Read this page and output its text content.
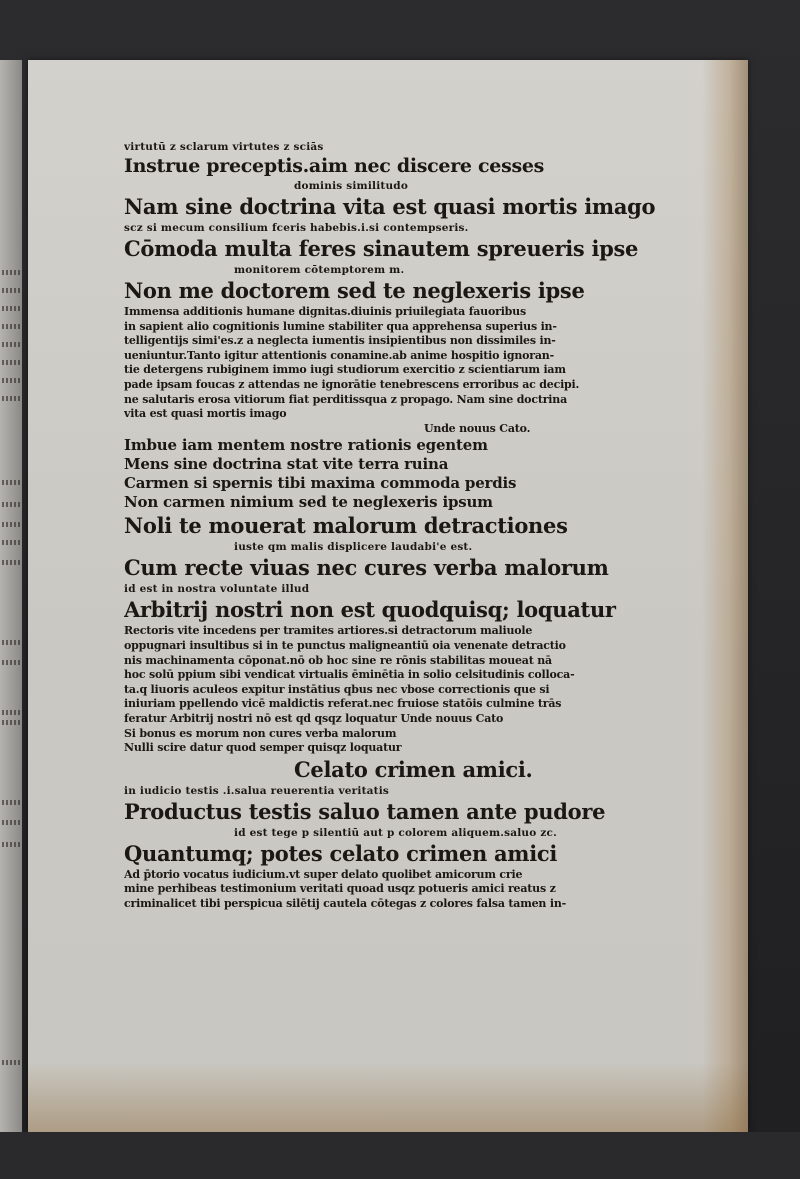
virtutū z sclarum virtutes z sciās
Instrue preceptis.aim nec discere cesses
dominis similitudo
Nam sine doctrina vita est quasi mortis imago
scz si mecum consilium fceris habebis.i.si contempseris.
Cōmoda multa feres sinautem spreueris ipse
monitorem cōtemptorem m.
Non me doctorem sed te neglexeris ipse
Immensa additionis humane dignitas.diuinis priuilegiata fauoribus
in sapient alio cognitionis lumine stabiliter qua apprehensa superius in-
telligentijs simi'es.z a neglecta iumentis insipientibus non dissimiles in-
ueniuntur.Tanto igitur attentionis conamine.ab anime hospitio ignoran-
tie detergens rubiginem immo iugi studiorum exercitio z scientiarum iam
pade ipsam foucas z attendas ne ignorātie tenebrescens erroribus ac decipi.
ne salutaris erosa vitiorum fiat perditissqua z propago. Nam sine doctrina
vita est quasi mortis imago
Unde nouus Cato.
Imbue iam mentem nostre rationis egentem
Mens sine doctrina stat vite terra ruina
Carmen si spernis tibi maxima commoda perdis
Non carmen nimium sed te neglexeris ipsum
Noli te mouerat malorum detractiones
iuste qm malis displicere laudabi'e est.
Cum recte viuas nec cures verba malorum
id est in nostra voluntate illud
Arbitrij nostri non est quodquisq; loquatur
Rectoris vite incedens per tramites artiores.si detractorum maliuole
oppugnari insultibus si in te punctus maligneantiū oia venenate detractio
nis machinamenta cōponat.nō ob hoc sine re rōnis stabilitas moueat nā
hoc solū ppium sibi vendicat virtualis ēminētia in solio celsitudinis colloca-
ta.q liuoris aculeos expitur instātius qbus nec vbose correctionis que si
iniuriam ppellendo vicē maldictis referat.nec fruiose statōis culmine trās
feratur Arbitrij nostri nō est qd qsqz loquatur Unde nouus Cato
Si bonus es morum non cures verba malorum
Nulli scire datur quod semper quisqz loquatur
Celato crimen amici.
in iudicio testis .i.salua reuerentia veritatis
Productus testis saluo tamen ante pudore
id est tege p silentiū aut p colorem aliquem.saluo zc.
Quantumq; potes celato crimen amici
Ad p̄torio vocatus iudicium.vt super delato quolibet amicorum crie
mine perhibeas testimonium veritati quoad usqz potueris amici reatus z
criminalicet tibi perspicua silētij cautela cōtegas z colores falsa tamen in-
